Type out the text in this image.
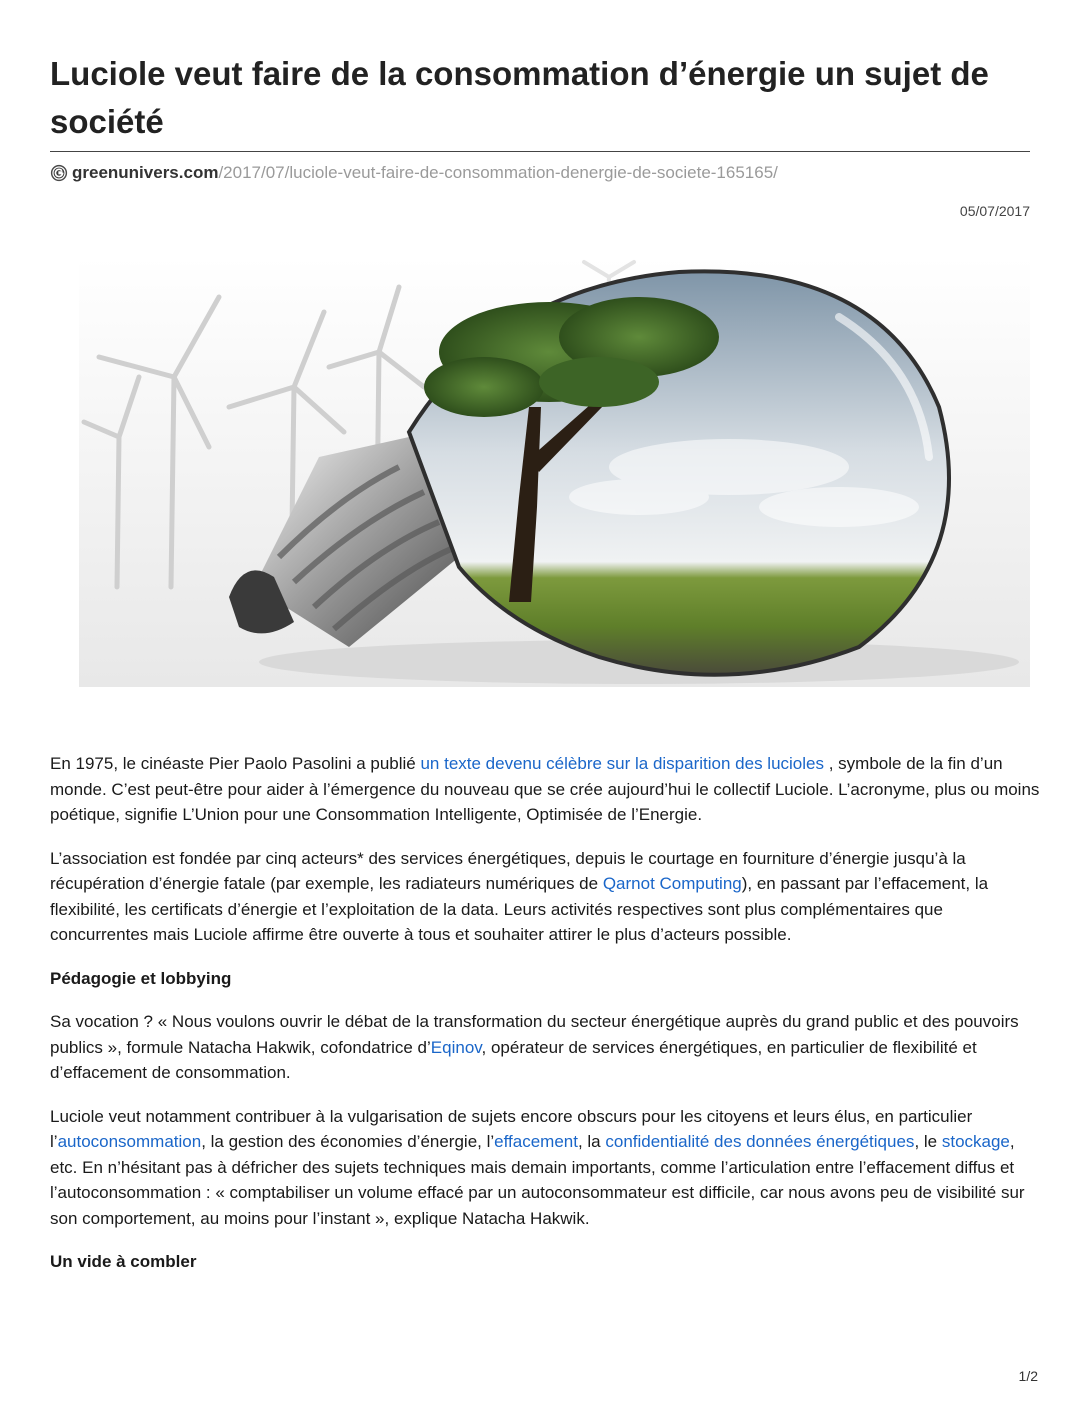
Luciole veut faire de la consommation d’énergie un sujet de société
greenunivers.com /2017/07/luciole-veut-faire-de-consommation-denergie-de-societe-165165/
05/07/2017

En 1975, le cinéaste Pier Paolo Pasolini a publié un texte devenu célèbre sur la disparition des lucioles , symbole de la fin d’un monde. C’est peut-être pour aider à l’émergence du nouveau que se crée aujourd’hui le collectif Luciole. L’acronyme, plus ou moins poétique, signifie L’Union pour une Consommation Intelligente, Optimisée de l’Energie.

L’association est fondée par cinq acteurs* des services énergétiques, depuis le courtage en fourniture d’énergie jusqu’à la récupération d’énergie fatale (par exemple, les radiateurs numériques de Qarnot Computing), en passant par l’effacement, la flexibilité, les certificats d’énergie et l’exploitation de la data. Leurs activités respectives sont plus complémentaires que concurrentes mais Luciole affirme être ouverte à tous et souhaiter attirer le plus d’acteurs possible.

Pédagogie et lobbying

Sa vocation ? « Nous voulons ouvrir le débat de la transformation du secteur énergétique auprès du grand public et des pouvoirs publics », formule Natacha Hakwik, cofondatrice d’Eqinov, opérateur de services énergétiques, en particulier de flexibilité et d’effacement de consommation.

Luciole veut notamment contribuer à la vulgarisation de sujets encore obscurs pour les citoyens et leurs élus, en particulier l’autoconsommation, la gestion des économies d’énergie, l’effacement, la confidentialité des données énergétiques, le stockage, etc. En n’hésitant pas à défricher des sujets techniques mais demain importants, comme l’articulation entre l’effacement diffus et l’autoconsommation : « comptabiliser un volume effacé par un autoconsommateur est difficile, car nous avons peu de visibilité sur son comportement, au moins pour l’instant », explique Natacha Hakwik.

Un vide à combler
1/2
